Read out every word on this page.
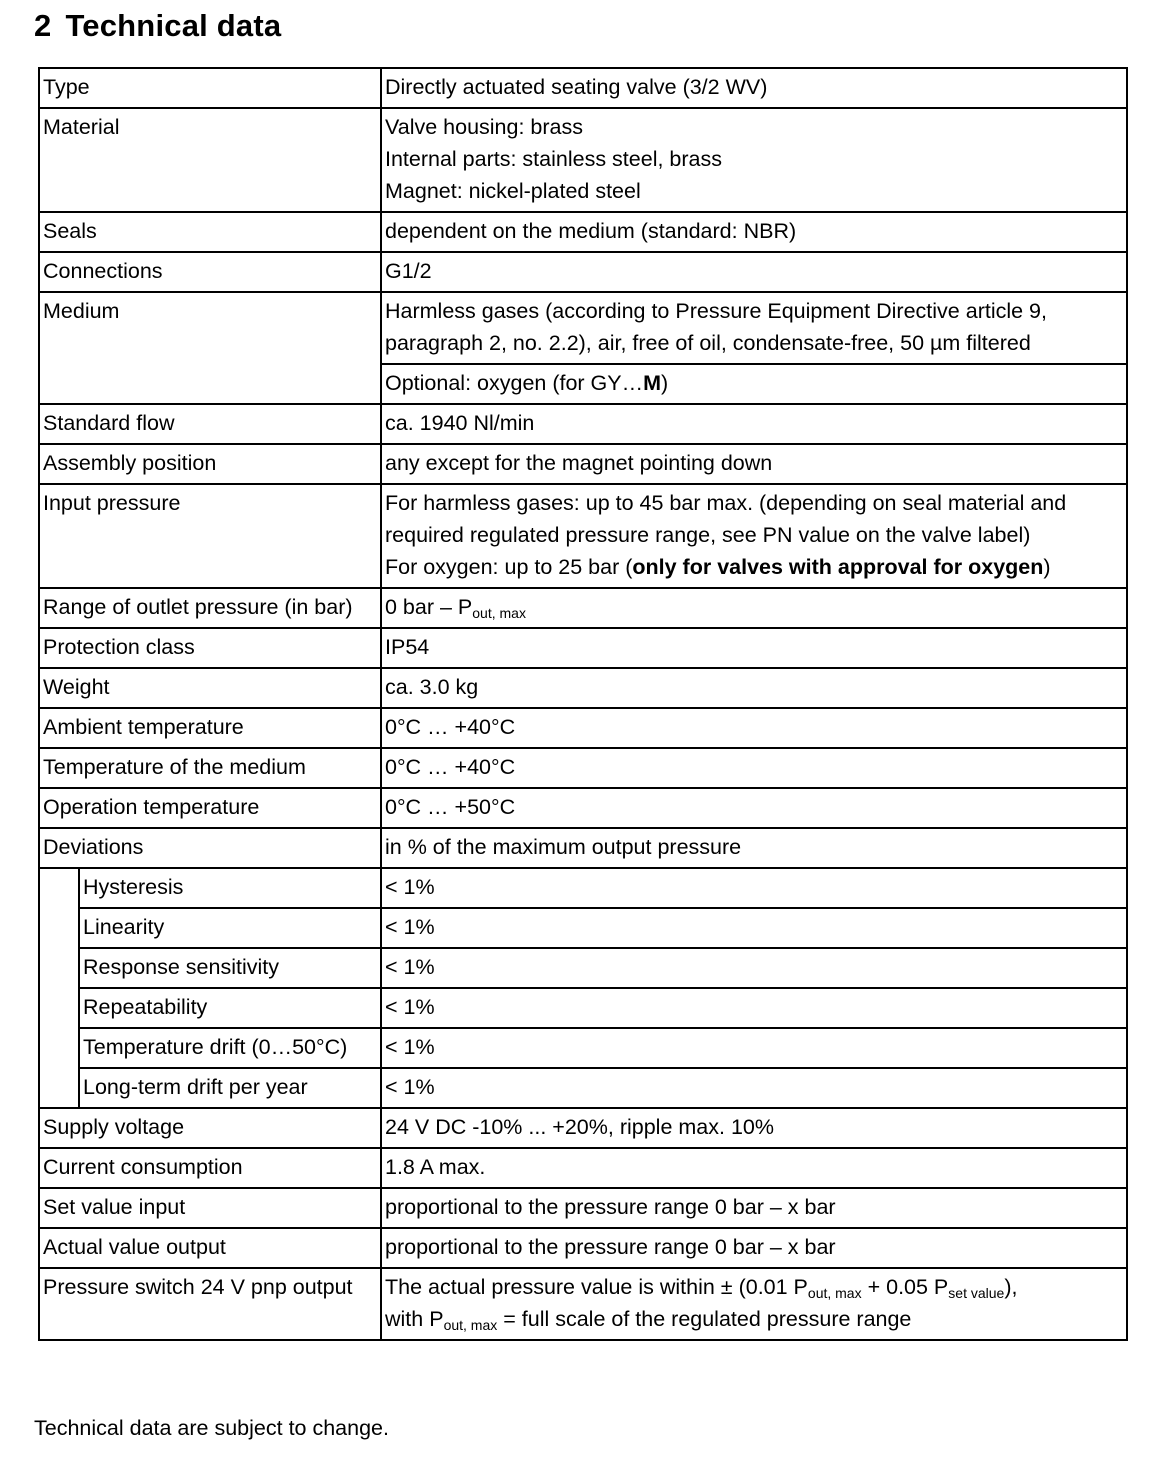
2 Technical data
Type		Directly actuated seating valve (3/2 WV)
Material		Valve housing: brass
Internal parts: stainless steel, brass
Magnet: nickel-plated steel

Seals		dependent on the medium (standard: NBR)
Connections		G1/2
Medium		Harmless gases (according to Pressure Equipment Directive article 9, paragraph 2, no. 2.2), air, free of oil, condensate-free, 50 µm filtered
		Optional: oxygen (for GY…M)
Standard flow		ca. 1940 Nl/min
Assembly position		any except for the magnet pointing down
Input pressure		For harmless gases: up to 45 bar max. (depending on seal material and required regulated pressure range, see PN value on the valve label)
For oxygen: up to 25 bar (only for valves with approval for oxygen)

Range of outlet pressure (in bar)		0 bar – $P_{out, max}$
Protection class		IP54
Weight		ca. 3.0 kg
Ambient temperature		0°C … +40°C
Temperature of the medium		0°C … +40°C
Operation temperature		0°C … +50°C
Deviations		in % of the maximum output pressure
	Hysteresis	< 1%
	Linearity	< 1%
	Response sensitivity	< 1%
	Repeatability	< 1%
	Temperature drift (0…50°C)	< 1%
	Long-term drift per year	< 1%
Supply voltage		24 V DC -10% ... +20%, ripple max. 10%
Current consumption		1.8 A max.
Set value input		proportional to the pressure range 0 bar – x bar
Actual value output		proportional to the pressure range 0 bar – x bar
Pressure switch 24 V pnp output		The actual pressure value is within ± (0.01 $P_{out, max} + 0.05$ $P_{set value}$),
with $P_{out, max}$ = full scale of the regulated pressure range
Technical data are subject to change.
